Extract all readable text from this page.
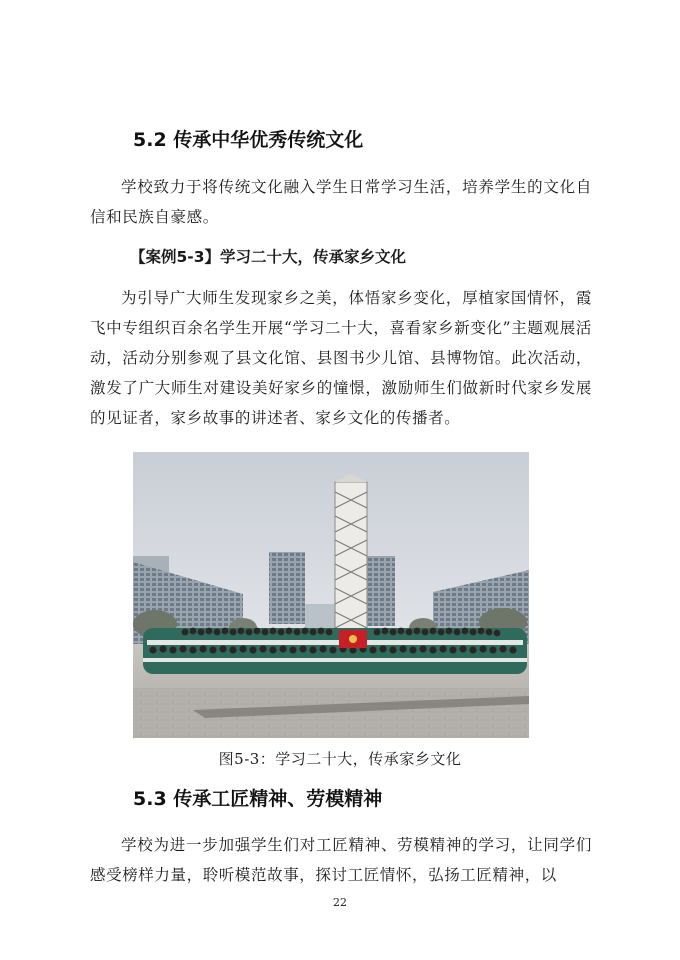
5.2 传承中华优秀传统文化

学校致力于将传统文化融入学生日常学习生活，培养学生的文化自信和民族自豪感。

【案例5-3】学习二十大，传承家乡文化

为引导广大师生发现家乡之美，体悟家乡变化，厚植家国情怀，霞飞中专组织百余名学生开展“学习二十大，喜看家乡新变化”主题观展活动，活动分别参观了县文化馆、县图书少儿馆、县博物馆。此次活动，激发了广大师生对建设美好家乡的憧憬，激励师生们做新时代家乡发展的见证者，家乡故事的讲述者、家乡文化的传播者。

图5-3：学习二十大，传承家乡文化
5.3 传承工匠精神、劳模精神

学校为进一步加强学生们对工匠精神、劳模精神的学习，让同学们感受榜样力量，聆听模范故事，探讨工匠情怀，弘扬工匠精神，以

22
